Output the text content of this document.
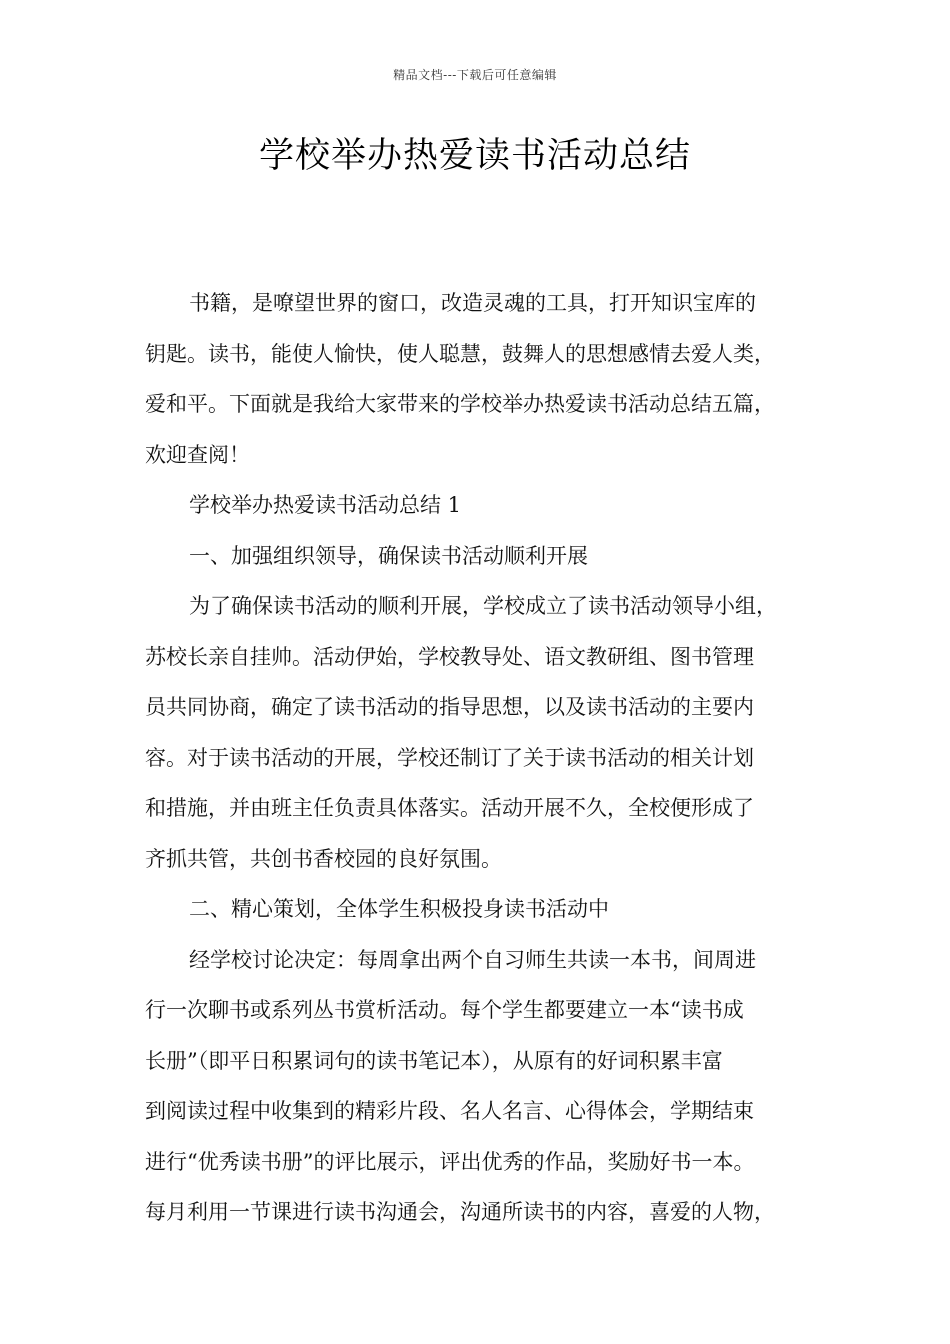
精品文档---下载后可任意编辑
学校举办热爱读书活动总结

书籍，是嘹望世界的窗口，改造灵魂的工具，打开知识宝库的

钥匙。读书，能使人愉快，使人聪慧，鼓舞人的思想感情去爱人类，

爱和平。下面就是我给大家带来的学校举办热爱读书活动总结五篇，

欢迎查阅！

学校举办热爱读书活动总结 1

一、加强组织领导，确保读书活动顺利开展

为了确保读书活动的顺利开展，学校成立了读书活动领导小组，

苏校长亲自挂帅。活动伊始，学校教导处、语文教研组、图书管理

员共同协商，确定了读书活动的指导思想，以及读书活动的主要内

容。对于读书活动的开展，学校还制订了关于读书活动的相关计划

和措施，并由班主任负责具体落实。活动开展不久，全校便形成了

齐抓共管，共创书香校园的良好氛围。

二、精心策划，全体学生积极投身读书活动中

经学校讨论决定：每周拿出两个自习师生共读一本书，间周进

行一次聊书或系列丛书赏析活动。每个学生都要建立一本“读书成

长册”（即平日积累词句的读书笔记本），从原有的好词积累丰富

到阅读过程中收集到的精彩片段、名人名言、心得体会，学期结束

进行“优秀读书册”的评比展示，评出优秀的作品，奖励好书一本。

每月利用一节课进行读书沟通会，沟通所读书的内容，喜爱的人物，
